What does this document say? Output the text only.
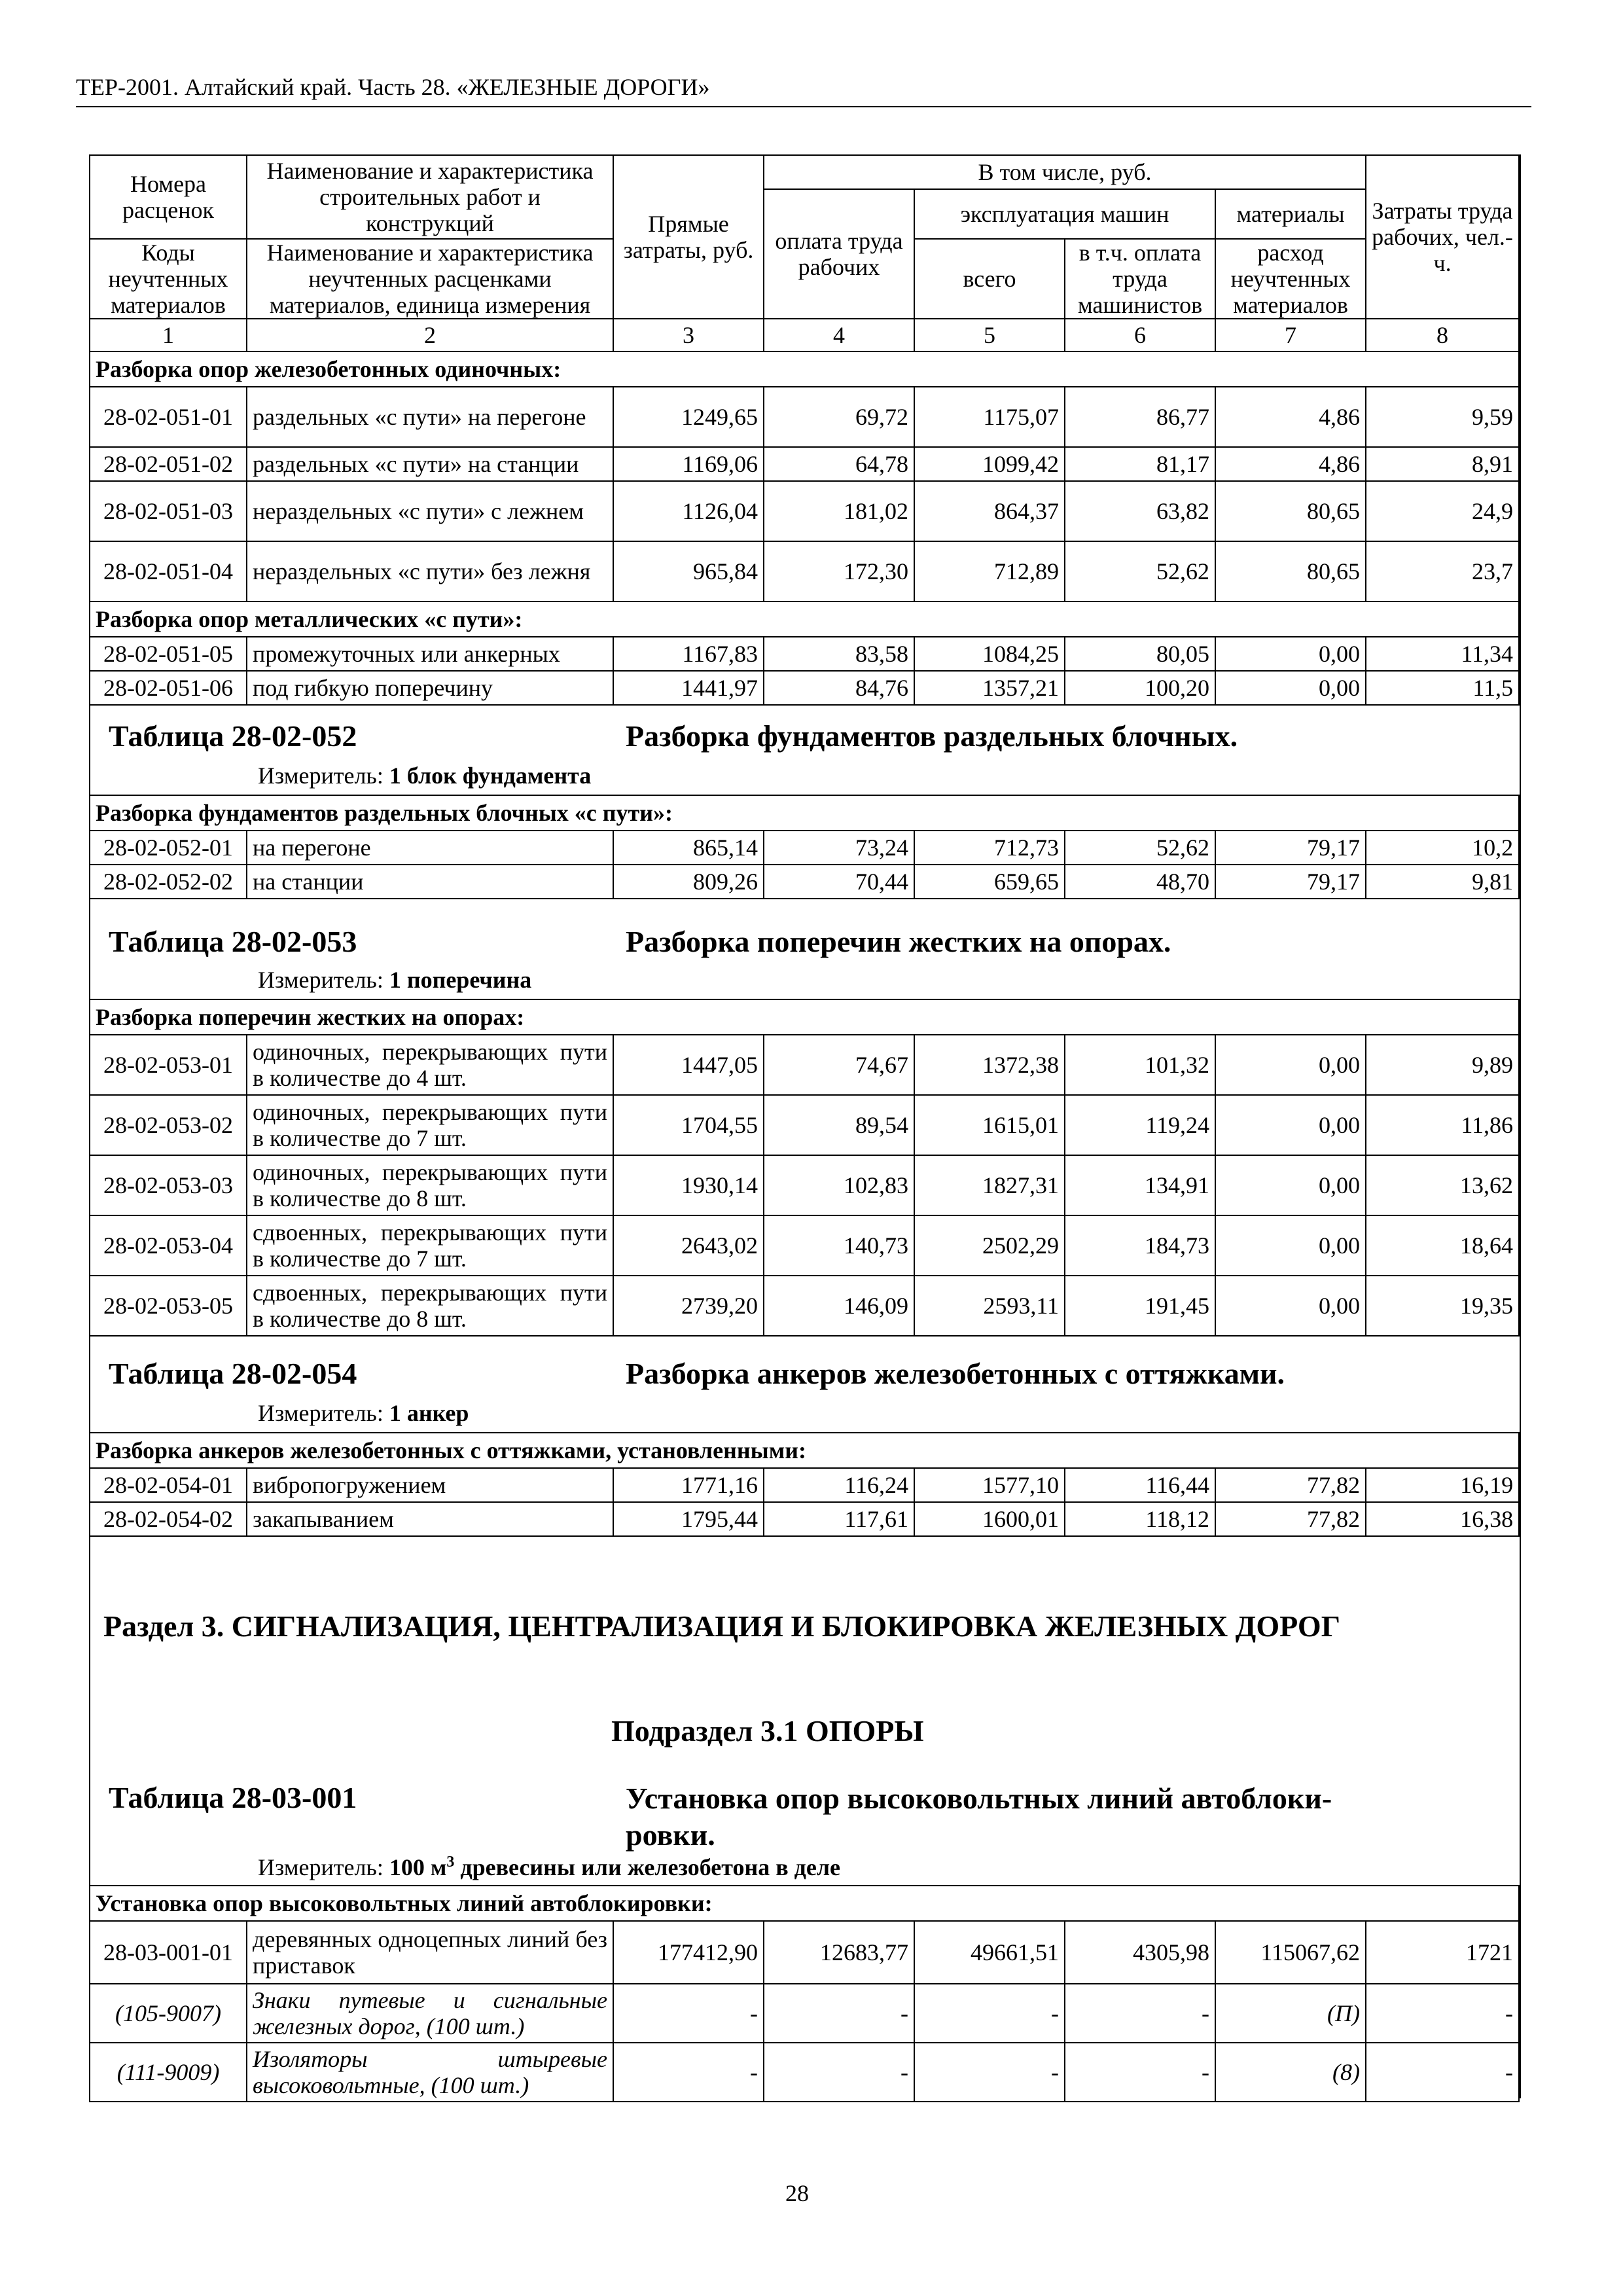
ТЕР-2001. Алтайский край. Часть 28. «ЖЕЛЕЗНЫЕ ДОРОГИ»
Номера расценок	Наименование и характеристика строительных работ и конструкций	Прямые затраты, руб.	В том числе, руб.				Затраты труда рабочих, чел.-ч.
			оплата труда рабочих	эксплуатация машин		материалы	
Коды неучтенных материалов	Наименование и характеристика неучтенных расценками материалов, единица измерения			всего	в т.ч. оплата труда машинистов	расход неучтенных материалов	
1	2	3	4	5	6	7	8
Разборка опор железобетонных одиночных:							
28-02-051-01	раздельных «с пути» на перегоне	1249,65	69,72	1175,07	86,77	4,86	9,59
28-02-051-02	раздельных «с пути» на станции	1169,06	64,78	1099,42	81,17	4,86	8,91
28-02-051-03	нераздельных «с пути» с лежнем	1126,04	181,02	864,37	63,82	80,65	24,9
28-02-051-04	нераздельных «с пути» без лежня	965,84	172,30	712,89	52,62	80,65	23,7
Разборка опор металлических «с пути»:							
28-02-051-05	промежуточных или анкерных	1167,83	83,58	1084,25	80,05	0,00	11,34
28-02-051-06	под гибкую поперечину	1441,97	84,76	1357,21	100,20	0,00	11,5
Таблица 28-02-052	Разборка фундаментов раздельных блочных.
Измеритель: 1 блок фундамента
Разборка фундаментов раздельных блочных «с пути»:							
28-02-052-01	на перегоне	865,14	73,24	712,73	52,62	79,17	10,2
28-02-052-02	на станции	809,26	70,44	659,65	48,70	79,17	9,81
Таблица 28-02-053	Разборка поперечин жестких на опорах.
Измеритель: 1 поперечина
Разборка поперечин жестких на опорах:							
28-02-053-01	одиночных, перекрывающих пути в количестве до 4 шт.	1447,05	74,67	1372,38	101,32	0,00	9,89
28-02-053-02	одиночных, перекрывающих пути в количестве до 7 шт.	1704,55	89,54	1615,01	119,24	0,00	11,86
28-02-053-03	одиночных, перекрывающих пути в количестве до 8 шт.	1930,14	102,83	1827,31	134,91	0,00	13,62
28-02-053-04	сдвоенных, перекрывающих пути в количестве до 7 шт.	2643,02	140,73	2502,29	184,73	0,00	18,64
28-02-053-05	сдвоенных, перекрывающих пути в количестве до 8 шт.	2739,20	146,09	2593,11	191,45	0,00	19,35
Таблица 28-02-054	Разборка анкеров железобетонных с оттяжками.
Измеритель: 1 анкер
Разборка анкеров железобетонных с оттяжками, установленными:							
28-02-054-01	вибропогружением	1771,16	116,24	1577,10	116,44	77,82	16,19
28-02-054-02	закапыванием	1795,44	117,61	1600,01	118,12	77,82	16,38
Раздел 3. СИГНАЛИЗАЦИЯ, ЦЕНТРАЛИЗАЦИЯ И БЛОКИРОВКА ЖЕЛЕЗНЫХ ДОРОГ
Подраздел 3.1 ОПОРЫ
Таблица 28-03-001	Установка опор высоковольтных линий автоблоки-
ровки.
Измеритель: 100 $м^3$ древесины или железобетона в деле
Установка опор высоковольтных линий автоблокировки:							
28-03-001-01	деревянных одноцепных линий без приставок	177412,90	12683,77	49661,51	4305,98	115067,62	1721
(105-9007)	Знаки путевые и сигнальные железных дорог, (100 шт.)	-	-	-	-	(П)	-
(111-9009)	Изоляторы штыревые высоковольтные, (100 шт.)	-	-	-	-	(8)	-
28
